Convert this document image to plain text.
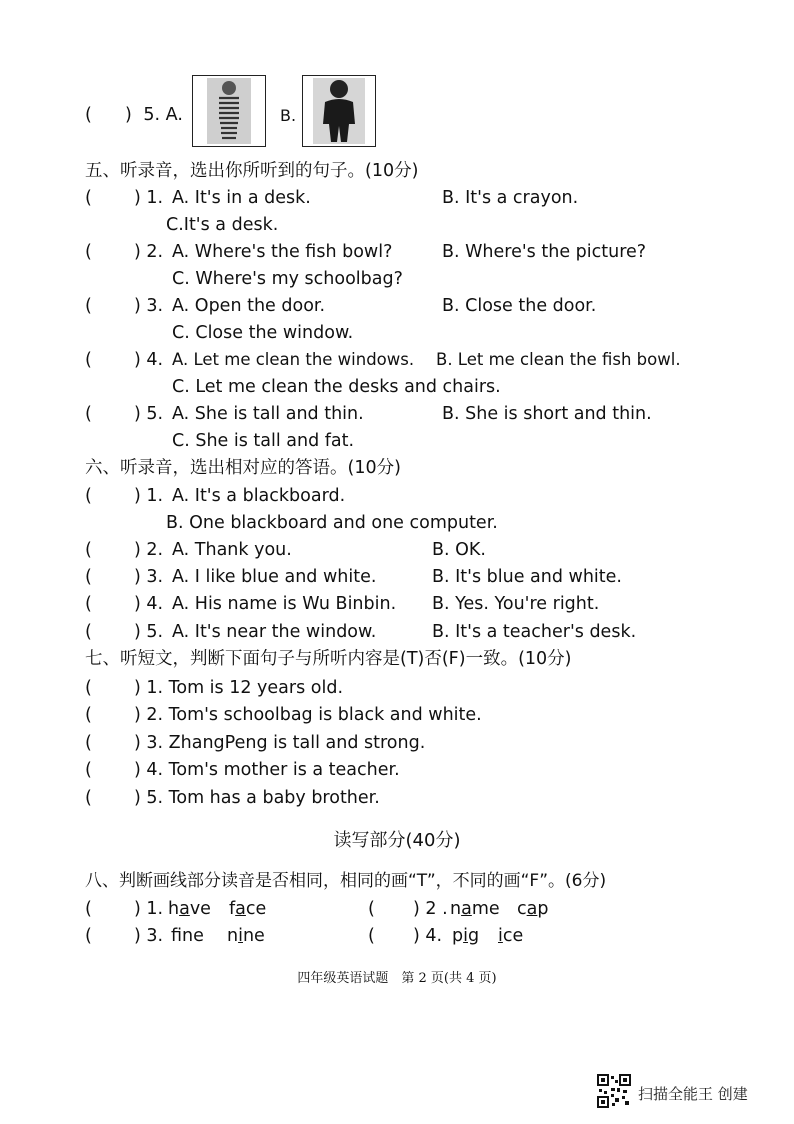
( ) 5. A.	B.
五、听录音，选出你所听到的句子。(10分)
( ) 1. A. It's in a desk.	B. It's a crayon.
C.It's a desk.
( ) 2. A. Where's the fish bowl?	B. Where's the picture?
C. Where's my schoolbag?
( ) 3. A. Open the door.	B. Close the door.
C. Close the window.
( ) 4. A. Let me clean the windows. B. Let me clean the fish bowl.
C. Let me clean the desks and chairs.
( ) 5. A. She is tall and thin.	B. She is short and thin.
C. She is tall and fat.
六、听录音，选出相对应的答语。(10分)
( ) 1. A. It's a blackboard.
B. One blackboard and one computer.
( ) 2. A. Thank you.	B. OK.
( ) 3. A. I like blue and white.	B. It's blue and white.
( ) 4. A. His name is Wu Binbin. B. Yes. You're right.
( ) 5. A. It's near the window.	B. It's a teacher's desk.
七、听短文，判断下面句子与所听内容是(T)否(F)一致。(10分)
( ) 1. Tom is 12 years old.
( ) 2. Tom's schoolbag is black and white.
( ) 3. ZhangPeng is tall and strong.
( ) 4. Tom's mother is a teacher.
( ) 5. Tom has a baby brother.
读写部分(40分)
八、判断画线部分读音是否相同，相同的画“T”，不同的画“F”。(6分)
( ) 1. have face	( ) 2 . name cap
( ) 3. fne nine	( ) 4. pig ice
四年级英语试题　第 2 页(共 4 页)
扫描全能王 创建
